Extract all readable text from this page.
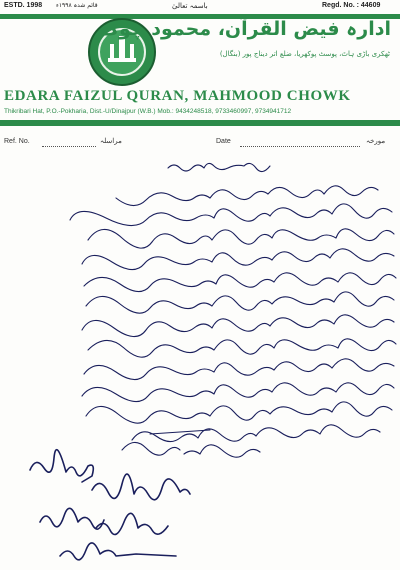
ESTD. 1998 قائم شدہ ۱۹۹۸ء	باسمہ تعالیٰ	Regd. No. : 44609
ادارہ فیض القرآن، محمود چوک
ٹھکری باڑی ہاٹ، پوسٹ پوکھریا، ضلع اتر دیناج پور (بنگال)
EDARA FAIZUL QURAN, MAHMOOD CHOWK
Thikribari Hat, P.O.-Pokharia, Dist.-U/Dinajpur (W.B.) Mob.: 9434248518, 9733460997, 9734941712
Ref. No.	مراسلہ	Date	مورخہ
